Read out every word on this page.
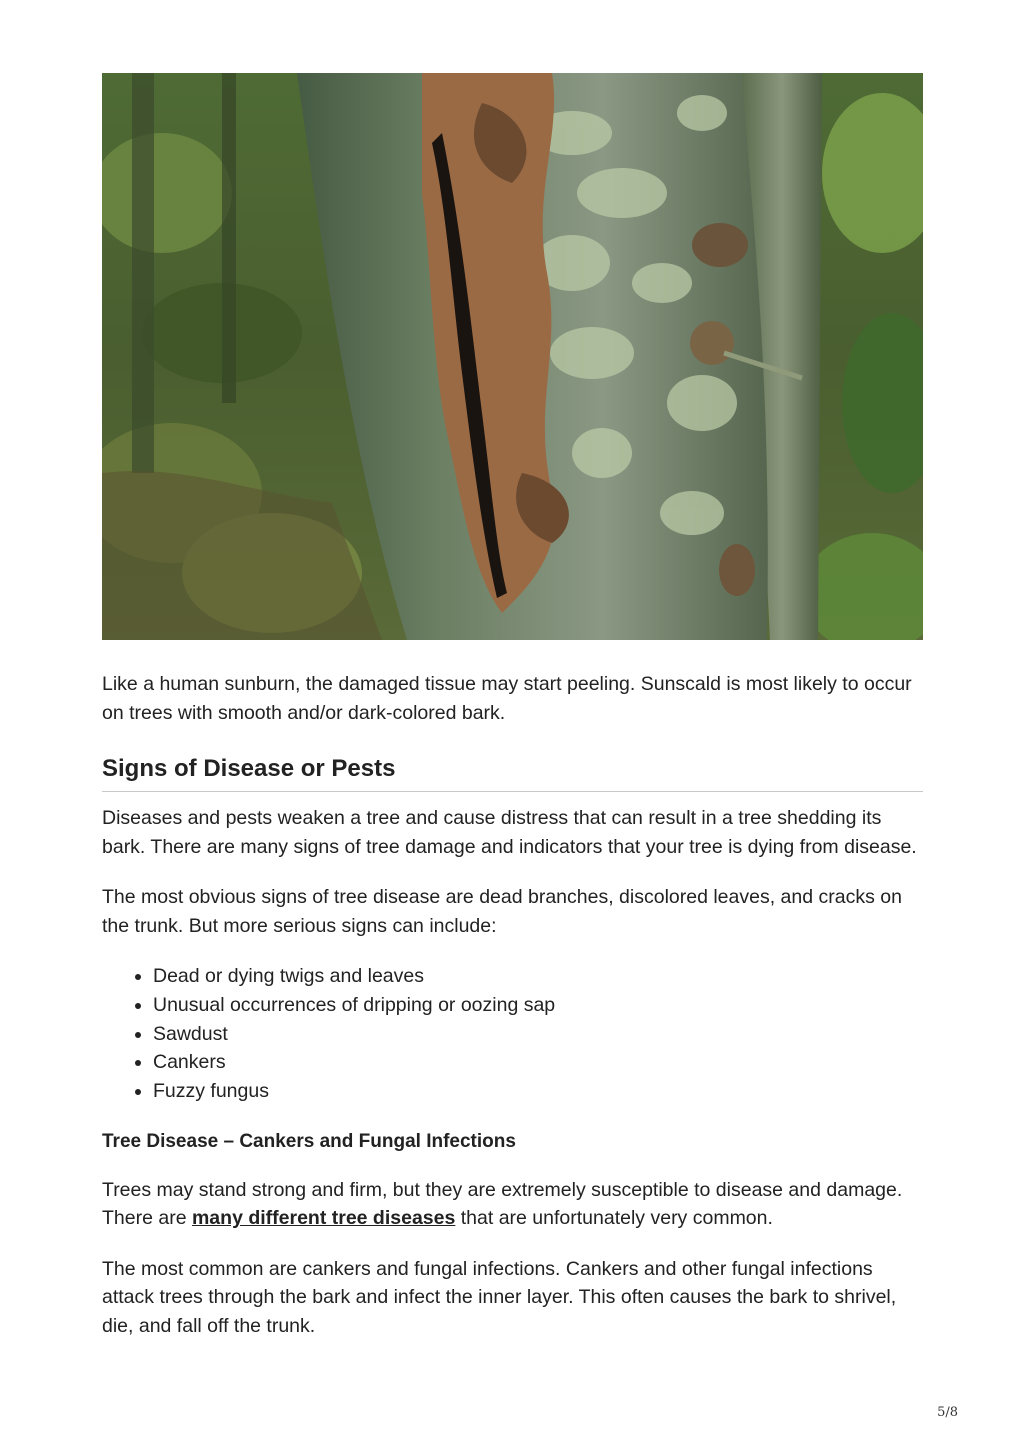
Like a human sunburn, the damaged tissue may start peeling. Sunscald is most likely to occur on trees with smooth and/or dark-colored bark.

Signs of Disease or Pests

Diseases and pests weaken a tree and cause distress that can result in a tree shedding its bark. There are many signs of tree damage and indicators that your tree is dying from disease.

The most obvious signs of tree disease are dead branches, discolored leaves, and cracks on the trunk. But more serious signs can include:

• Dead or dying twigs and leaves
• Unusual occurrences of dripping or oozing sap
• Sawdust
• Cankers
• Fuzzy fungus
Tree Disease – Cankers and Fungal Infections

Trees may stand strong and firm, but they are extremely susceptible to disease and damage. There are many different tree diseases that are unfortunately very common.

The most common are cankers and fungal infections. Cankers and other fungal infections attack trees through the bark and infect the inner layer. This often causes the bark to shrivel, die, and fall off the trunk.

5/8
